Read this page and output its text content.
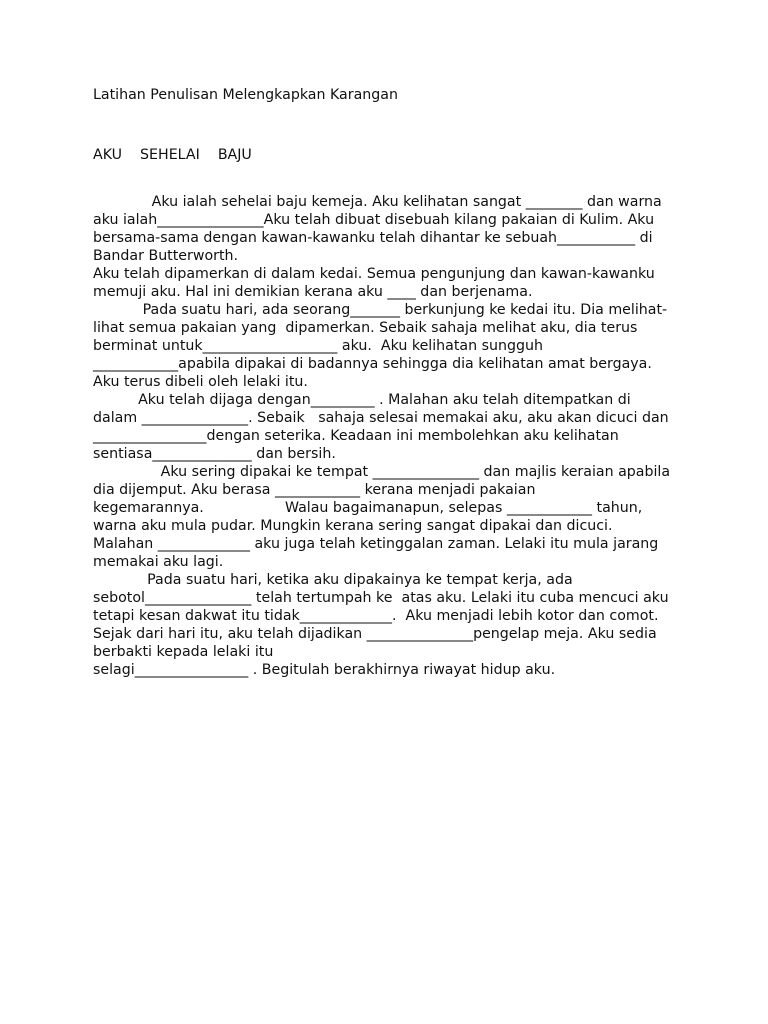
Latihan Penulisan Melengkapkan Karangan
AKU    SEHELAI    BAJU
Aku ialah sehelai baju kemeja. Aku kelihatan sangat ________ dan warna
aku ialah_______________Aku telah dibuat disebuah kilang pakaian di Kulim. Aku
bersama-sama dengan kawan-kawanku telah dihantar ke sebuah___________ di
Bandar Butterworth.
Aku telah dipamerkan di dalam kedai. Semua pengunjung dan kawan-kawanku
memuji aku. Hal ini demikian kerana aku ____ dan berjenama.
Pada suatu hari, ada seorang_______ berkunjung ke kedai itu. Dia melihat-
lihat semua pakaian yang  dipamerkan. Sebaik sahaja melihat aku, dia terus
berminat untuk___________________ aku.  Aku kelihatan sungguh
____________apabila dipakai di badannya sehingga dia kelihatan amat bergaya.
Aku terus dibeli oleh lelaki itu.
Aku telah dijaga dengan_________ . Malahan aku telah ditempatkan di
dalam _______________. Sebaik   sahaja selesai memakai aku, aku akan dicuci dan
________________dengan seterika. Keadaan ini membolehkan aku kelihatan
sentiasa______________ dan bersih.
Aku sering dipakai ke tempat _______________ dan majlis keraian apabila
dia dijemput. Aku berasa ____________ kerana menjadi pakaian
kegemarannya.                  Walau bagaimanapun, selepas ____________ tahun,
warna aku mula pudar. Mungkin kerana sering sangat dipakai dan dicuci.
Malahan _____________ aku juga telah ketinggalan zaman. Lelaki itu mula jarang
memakai aku lagi.
Pada suatu hari, ketika aku dipakainya ke tempat kerja, ada
sebotol_______________ telah tertumpah ke  atas aku. Lelaki itu cuba mencuci aku
tetapi kesan dakwat itu tidak_____________.  Aku menjadi lebih kotor dan comot.
Sejak dari hari itu, aku telah dijadikan _______________pengelap meja. Aku sedia
berbakti kepada lelaki itu
selagi________________ . Begitulah berakhirnya riwayat hidup aku.
